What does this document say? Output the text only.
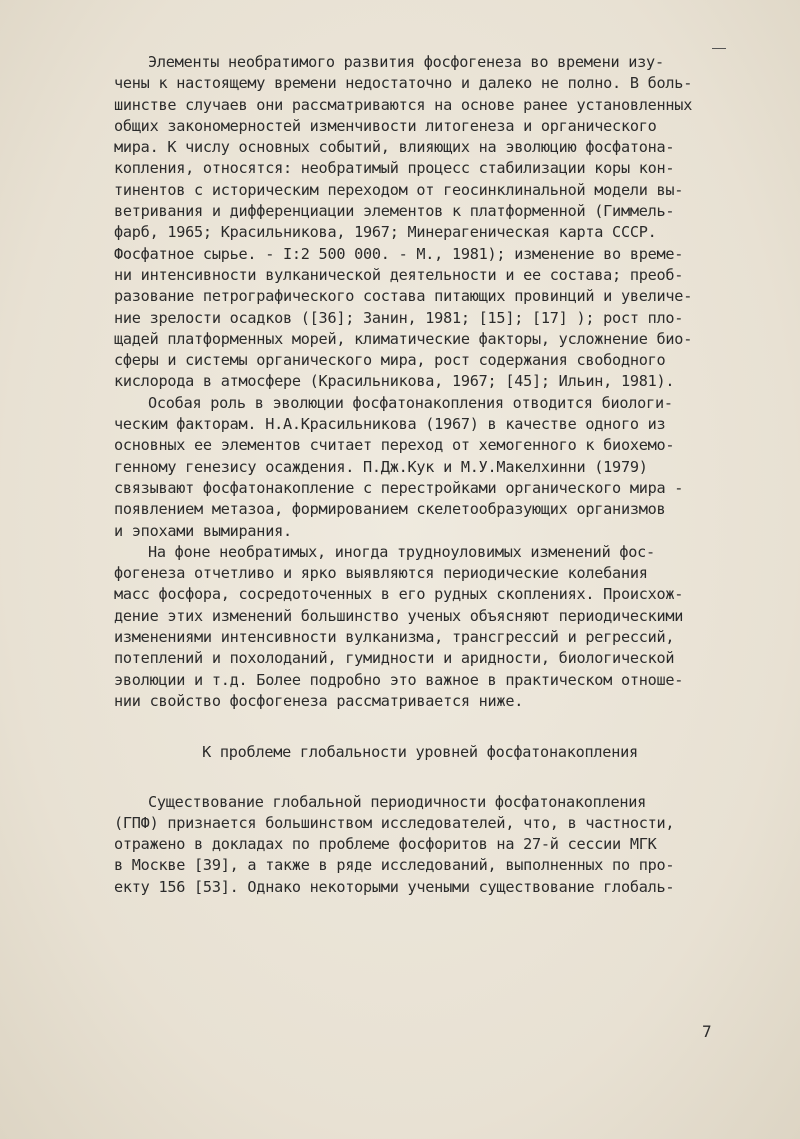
Элементы необратимого развития фосфогенеза во времени изу-
чены к настоящему времени недостаточно и далеко не полно. В боль-
шинстве случаев они рассматриваются на основе ранее установленных
общих закономерностей изменчивости литогенеза и органического
мира. К числу основных событий, влияющих на эволюцию фосфатона-
копления, относятся: необратимый процесс стабилизации коры кон-
тинентов с историческим переходом от геосинклинальной модели вы-
ветривания и дифференциации элементов к платформенной (Гиммель-
фарб, 1965; Красильникова, 1967; Минерагеническая карта СССР.
Фосфатное сырье. - I:2 500 000. - М., 1981); изменение во време-
ни интенсивности вулканической деятельности и ее состава; преоб-
разование петрографического состава питающих провинций и увеличе-
ние зрелости осадков ([36]; Занин, 1981; [15]; [17] ); рост пло-
щадей платформенных морей, климатические факторы, усложнение био-
сферы и системы органического мира, рост содержания свободного
кислорода в атмосфере (Красильникова, 1967; [45]; Ильин, 1981).
Особая роль в эволюции фосфатонакопления отводится биологи-
ческим факторам. Н.А.Красильникова (1967) в качестве одного из
основных ее элементов считает переход от хемогенного к биохемо-
генному генезису осаждения. П.Дж.Кук и М.У.Макелхинни (1979)
связывают фосфатонакопление с перестройками органического мира -
появлением метазоа, формированием скелетообразующих организмов
и эпохами вымирания.
На фоне необратимых, иногда трудноуловимых изменений фос-
фогенеза отчетливо и ярко выявляются периодические колебания
масс фосфора, сосредоточенных в его рудных скоплениях. Происхож-
дение этих изменений большинство ученых объясняют периодическими
изменениями интенсивности вулканизма, трансгрессий и регрессий,
потеплений и похолоданий, гумидности и аридности, биологической
эволюции и т.д. Более подробно это важное в практическом отноше-
нии свойство фосфогенеза рассматривается ниже.
К проблеме глобальности уровней фосфатонакопления
Существование глобальной периодичности фосфатонакопления
(ГПФ) признается большинством исследователей, что, в частности,
отражено в докладах по проблеме фосфоритов на 27-й сессии МГК
в Москве [39], а также в ряде исследований, выполненных по про-
екту 156 [53]. Однако некоторыми учеными существование глобаль-
7
